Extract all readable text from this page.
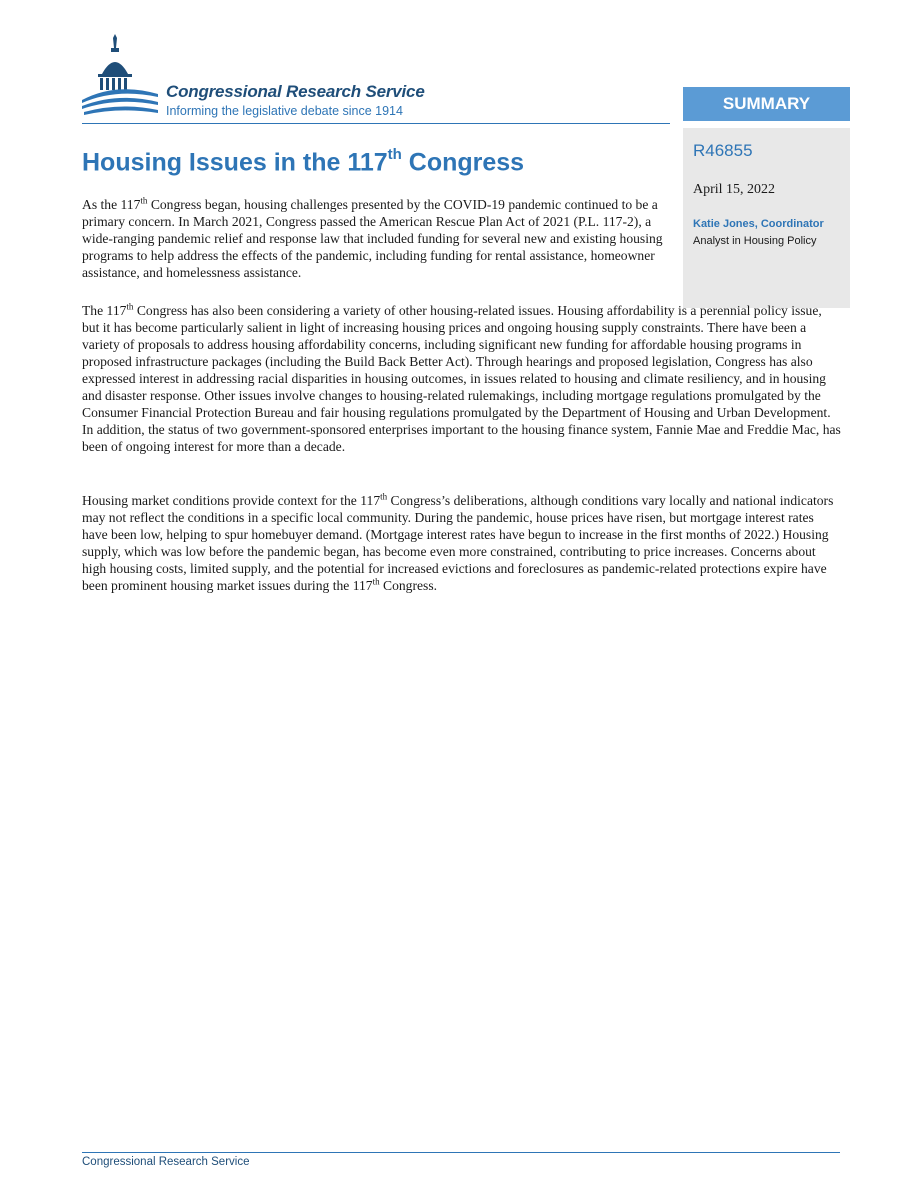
Congressional Research Service
Informing the legislative debate since 1914	SUMMARY
R46855
April 15, 2022
Katie Jones, Coordinator
Analyst in Housing Policy
Housing Issues in the 117th Congress

As the 117th Congress began, housing challenges presented by the COVID-19 pandemic continued to be a primary concern. In March 2021, Congress passed the American Rescue Plan Act of 2021 (P.L. 117-2), a wide-ranging pandemic relief and response law that included funding for several new and existing housing programs to help address the effects of the pandemic, including funding for rental assistance, homeowner assistance, and homelessness assistance.

The 117th Congress has also been considering a variety of other housing-related issues. Housing affordability is a perennial policy issue, but it has become particularly salient in light of increasing housing prices and ongoing housing supply constraints. There have been a variety of proposals to address housing affordability concerns, including significant new funding for affordable housing programs in proposed infrastructure packages (including the Build Back Better Act). Through hearings and proposed legislation, Congress has also expressed interest in addressing racial disparities in housing outcomes, in issues related to housing and climate resiliency, and in housing and disaster response. Other issues involve changes to housing-related rulemakings, including mortgage regulations promulgated by the Consumer Financial Protection Bureau and fair housing regulations promulgated by the Department of Housing and Urban Development. In addition, the status of two government-sponsored enterprises important to the housing finance system, Fannie Mae and Freddie Mac, has been of ongoing interest for more than a decade.

Housing market conditions provide context for the 117th Congress’s deliberations, although conditions vary locally and national indicators may not reflect the conditions in a specific local community. During the pandemic, house prices have risen, but mortgage interest rates have been low, helping to spur homebuyer demand. (Mortgage interest rates have begun to increase in the first months of 2022.) Housing supply, which was low before the pandemic began, has become even more constrained, contributing to price increases. Concerns about high housing costs, limited supply, and the potential for increased evictions and foreclosures as pandemic-related protections expire have been prominent housing market issues during the 117th Congress.

Congressional Research Service
